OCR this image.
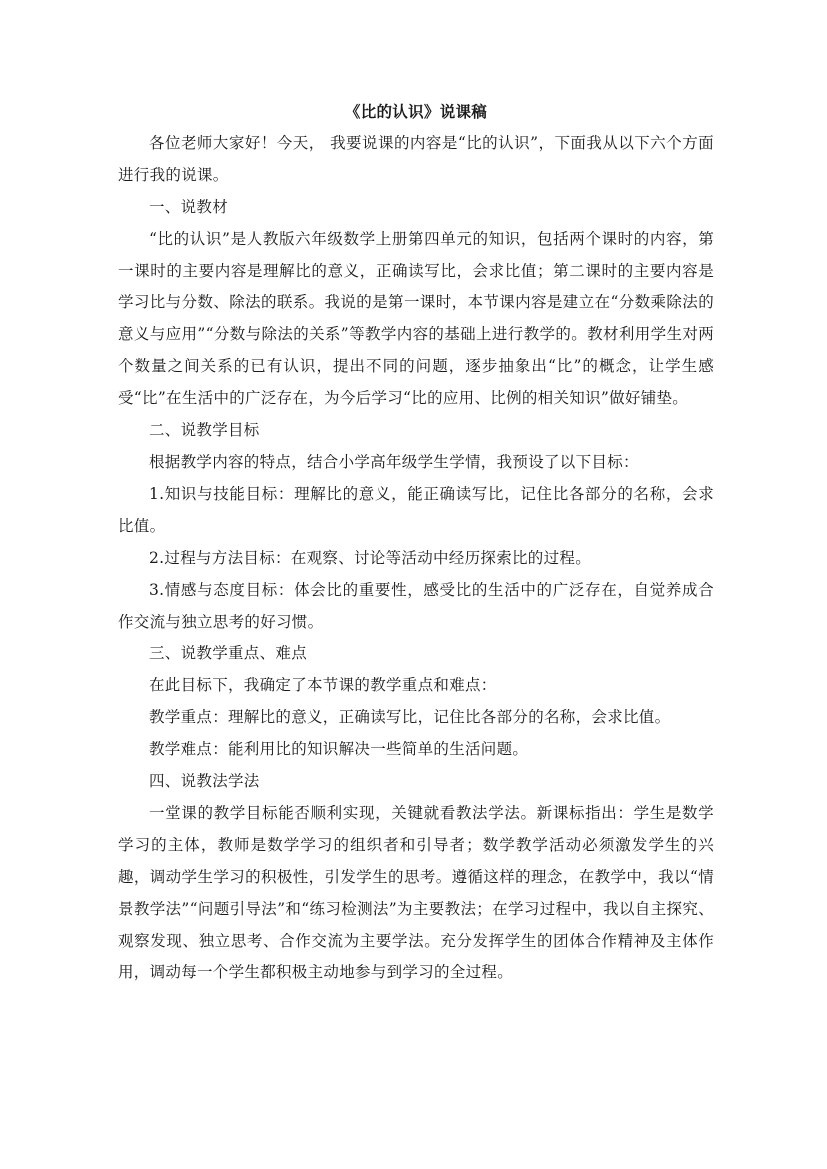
《比的认识》说课稿

各位老师大家好！今天， 我要说课的内容是“比的认识”，下面我从以下六个方面进行我的说课。

一、说教材

“比的认识”是人教版六年级数学上册第四单元的知识，包括两个课时的内容，第一课时的主要内容是理解比的意义，正确读写比，会求比值；第二课时的主要内容是学习比与分数、除法的联系。我说的是第一课时，本节课内容是建立在“分数乘除法的意义与应用”“分数与除法的关系”等教学内容的基础上进行教学的。教材利用学生对两个数量之间关系的已有认识，提出不同的问题，逐步抽象出“比”的概念，让学生感受“比”在生活中的广泛存在，为今后学习“比的应用、比例的相关知识”做好铺垫。

二、说教学目标

根据教学内容的特点，结合小学高年级学生学情，我预设了以下目标：

1.知识与技能目标：理解比的意义，能正确读写比，记住比各部分的名称，会求比值。

2.过程与方法目标：在观察、讨论等活动中经历探索比的过程。

3.情感与态度目标：体会比的重要性，感受比的生活中的广泛存在，自觉养成合作交流与独立思考的好习惯。

三、说教学重点、难点

在此目标下，我确定了本节课的教学重点和难点：

教学重点：理解比的意义，正确读写比，记住比各部分的名称，会求比值。

教学难点：能利用比的知识解决一些简单的生活问题。

四、说教法学法

一堂课的教学目标能否顺利实现，关键就看教法学法。新课标指出：学生是数学学习的主体，教师是数学学习的组织者和引导者；数学教学活动必须激发学生的兴趣，调动学生学习的积极性，引发学生的思考。遵循这样的理念，在教学中，我以“情景教学法”“问题引导法”和“练习检测法”为主要教法；在学习过程中，我以自主探究、观察发现、独立思考、合作交流为主要学法。充分发挥学生的团体合作精神及主体作用，调动每一个学生都积极主动地参与到学习的全过程。
